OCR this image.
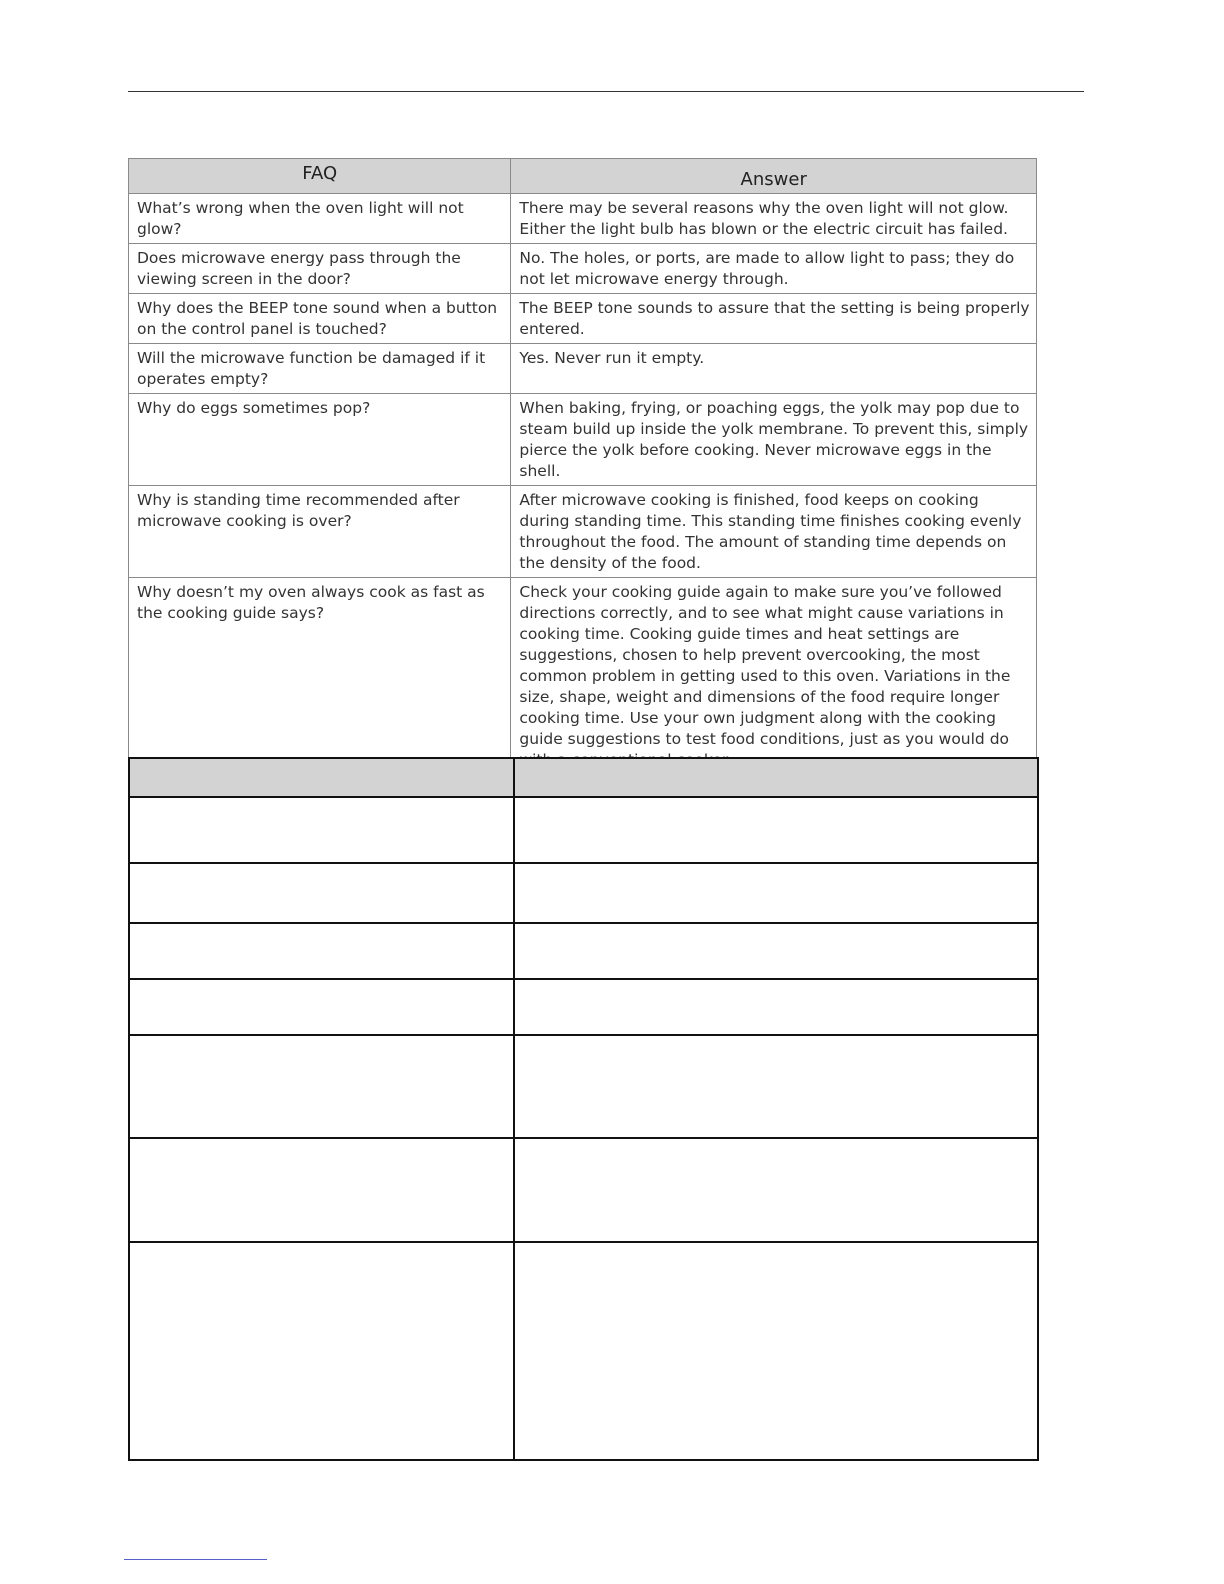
FAQ	Answer
What’s wrong when the oven light will not glow?	There may be several reasons why the oven light will not glow. Either the light bulb has blown or the electric circuit has failed.
Does microwave energy pass through the viewing screen in the door?	No. The holes, or ports, are made to allow light to pass; they do not let microwave energy through.
Why does the BEEP tone sound when a button on the control panel is touched?	The BEEP tone sounds to assure that the setting is being properly entered.
Will the microwave function be damaged if it operates empty?	Yes. Never run it empty.
Why do eggs sometimes pop?	When baking, frying, or poaching eggs, the yolk may pop due to steam build up inside the yolk membrane. To prevent this, simply pierce the yolk before cooking. Never microwave eggs in the shell.
Why is standing time recommended after microwave cooking is over?	After microwave cooking is finished, food keeps on cooking during standing time. This standing time finishes cooking evenly throughout the food. The amount of standing time depends on the density of the food.
Why doesn’t my oven always cook as fast as the cooking guide says?	Check your cooking guide again to make sure you’ve followed directions correctly, and to see what might cause variations in cooking time. Cooking guide times and heat settings are suggestions, chosen to help prevent overcooking, the most common problem in getting used to this oven. Variations in the size, shape, weight and dimensions of the food require longer cooking time. Use your own judgment along with the cooking guide suggestions to test food conditions, just as you would do
